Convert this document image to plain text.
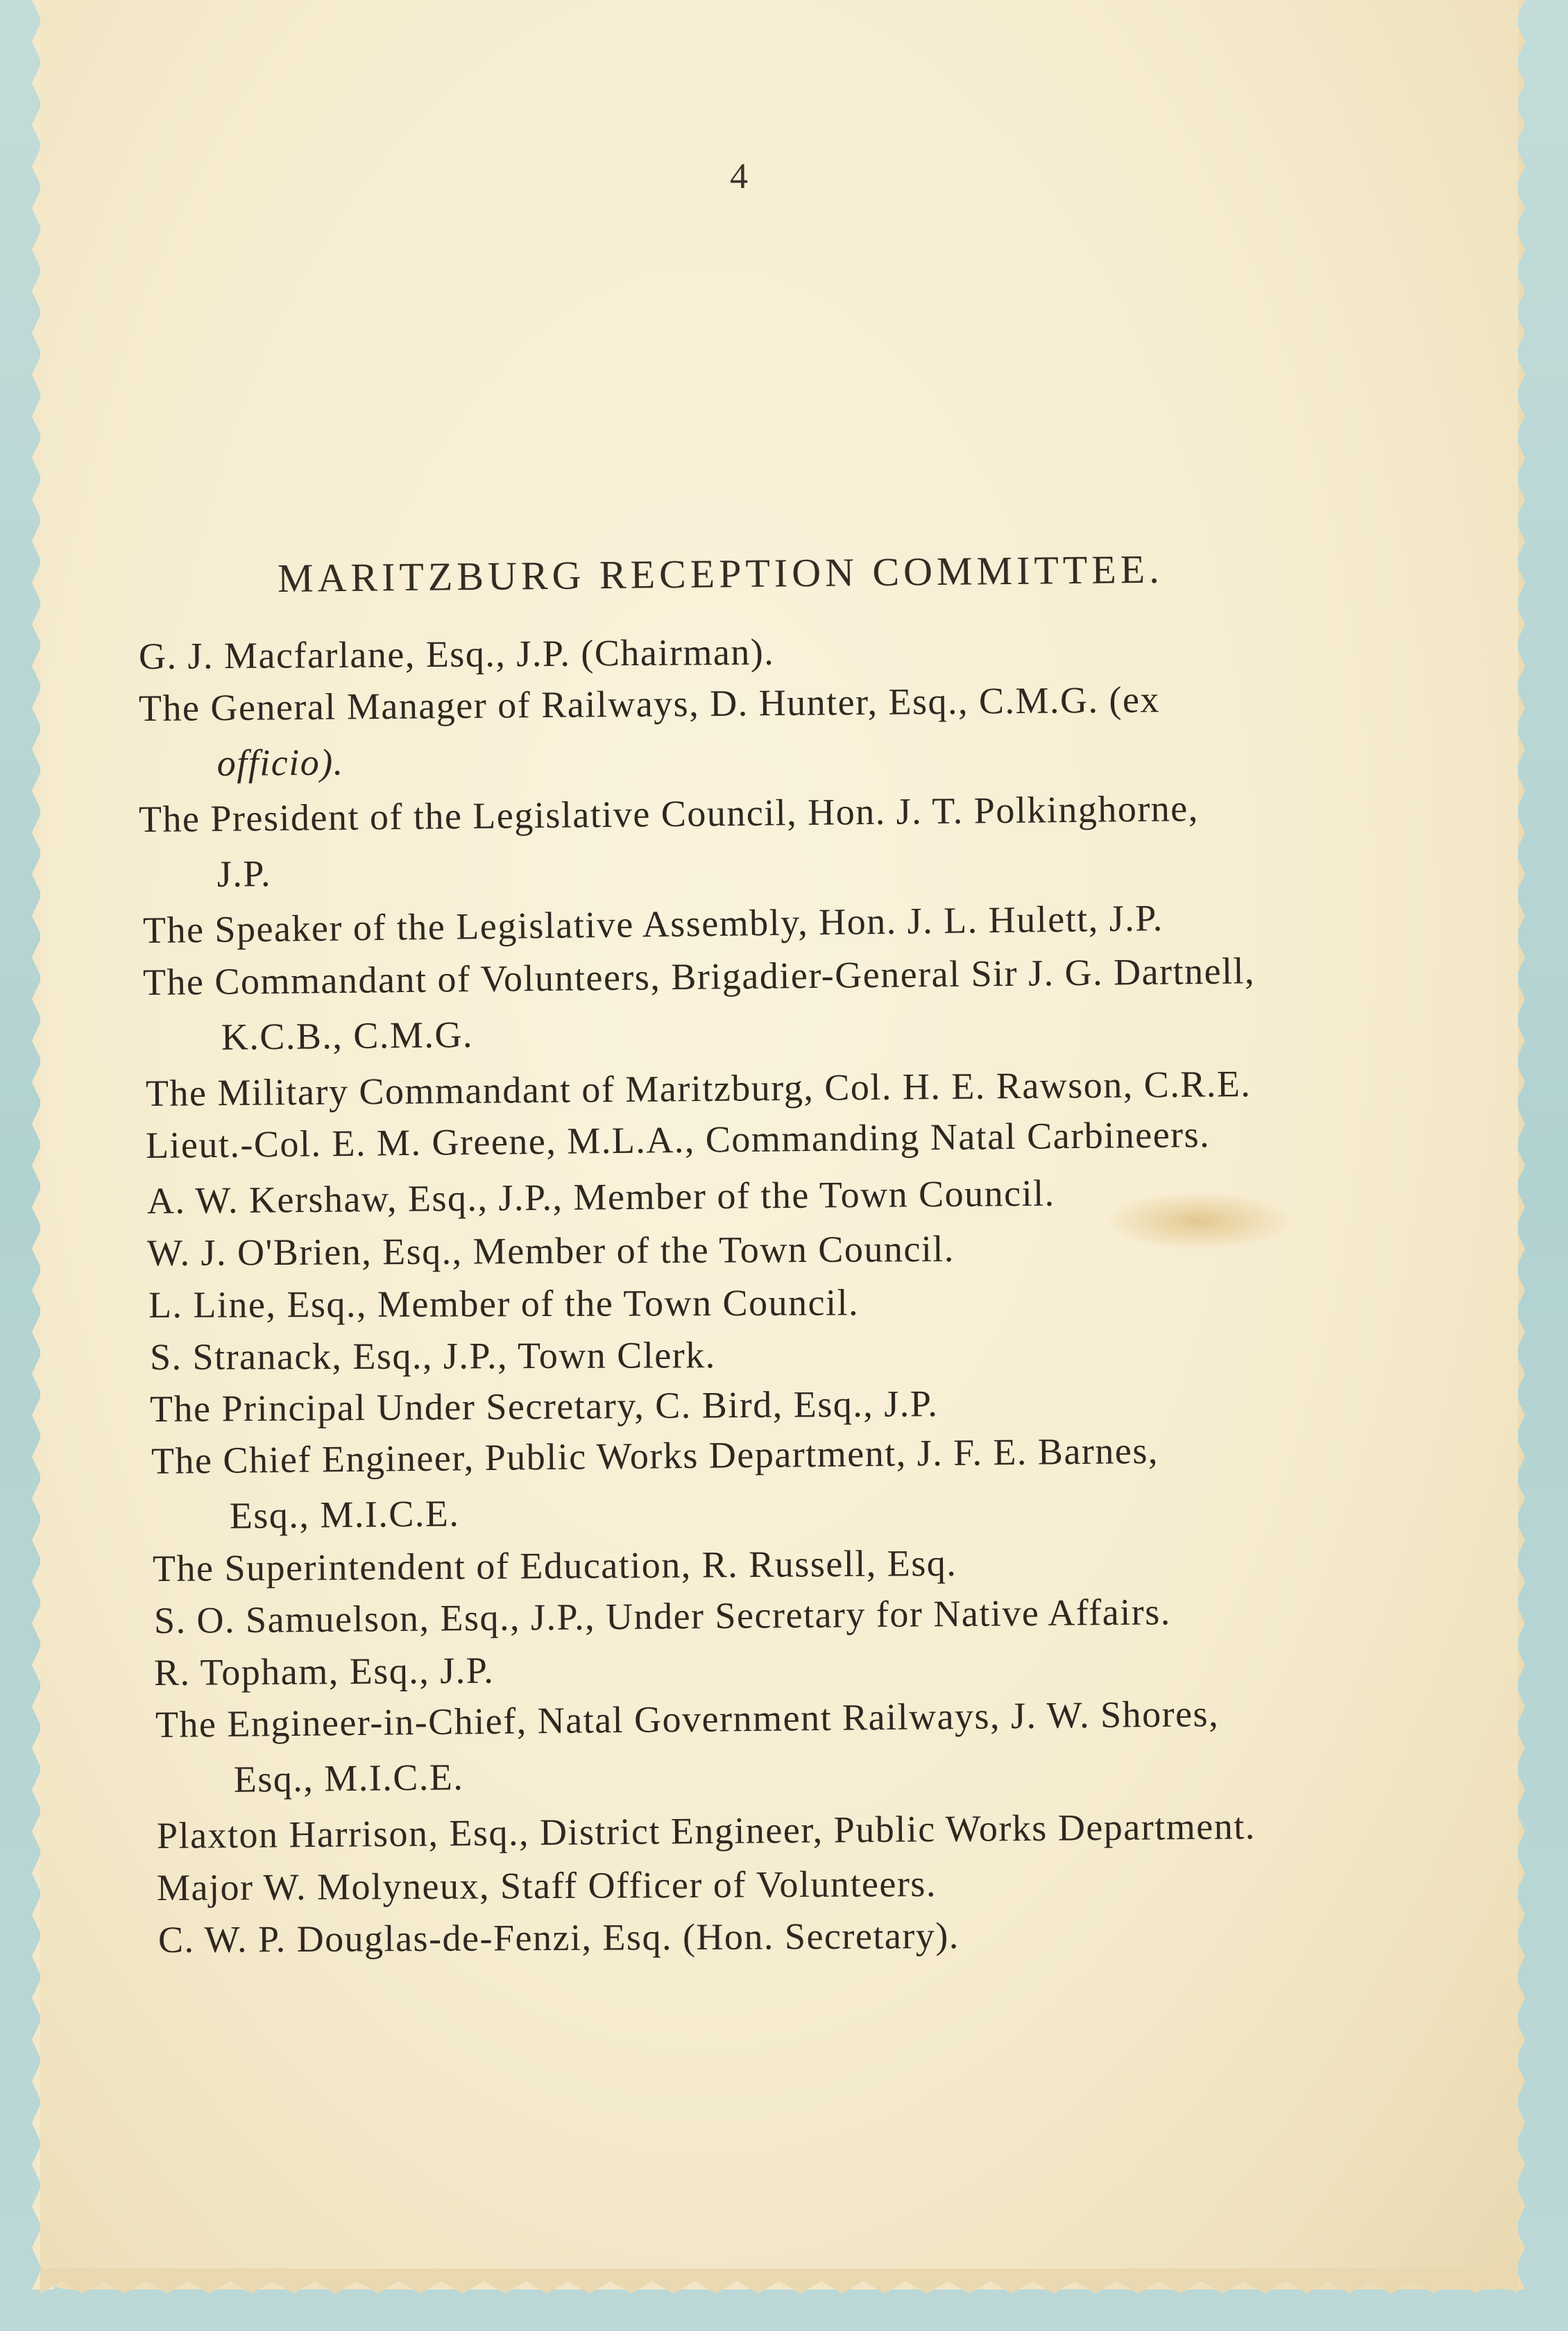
4
MARITZBURG RECEPTION COMMITTEE.
G. J. Macfarlane, Esq., J.P. (Chairman).
The General Manager of Railways, D. Hunter, Esq., C.M.G. (ex
officio).
The President of the Legislative Council, Hon. J. T. Polkinghorne,
J.P.
The Speaker of the Legislative Assembly, Hon. J. L. Hulett, J.P.
The Commandant of Volunteers, Brigadier-General Sir J. G. Dartnell,
K.C.B., C.M.G.
The Military Commandant of Maritzburg, Col. H. E. Rawson, C.R.E.
Lieut.-Col. E. M. Greene, M.L.A., Commanding Natal Carbineers.
A. W. Kershaw, Esq., J.P., Member of the Town Council.
W. J. O'Brien, Esq., Member of the Town Council.
L. Line, Esq., Member of the Town Council.
S. Stranack, Esq., J.P., Town Clerk.
The Principal Under Secretary, C. Bird, Esq., J.P.
The Chief Engineer, Public Works Department, J. F. E. Barnes,
Esq., M.I.C.E.
The Superintendent of Education, R. Russell, Esq.
S. O. Samuelson, Esq., J.P., Under Secretary for Native Affairs.
R. Topham, Esq., J.P.
The Engineer-in-Chief, Natal Government Railways, J. W. Shores,
Esq., M.I.C.E.
Plaxton Harrison, Esq., District Engineer, Public Works Department.
Major W. Molyneux, Staff Officer of Volunteers.
C. W. P. Douglas-de-Fenzi, Esq. (Hon. Secretary).
